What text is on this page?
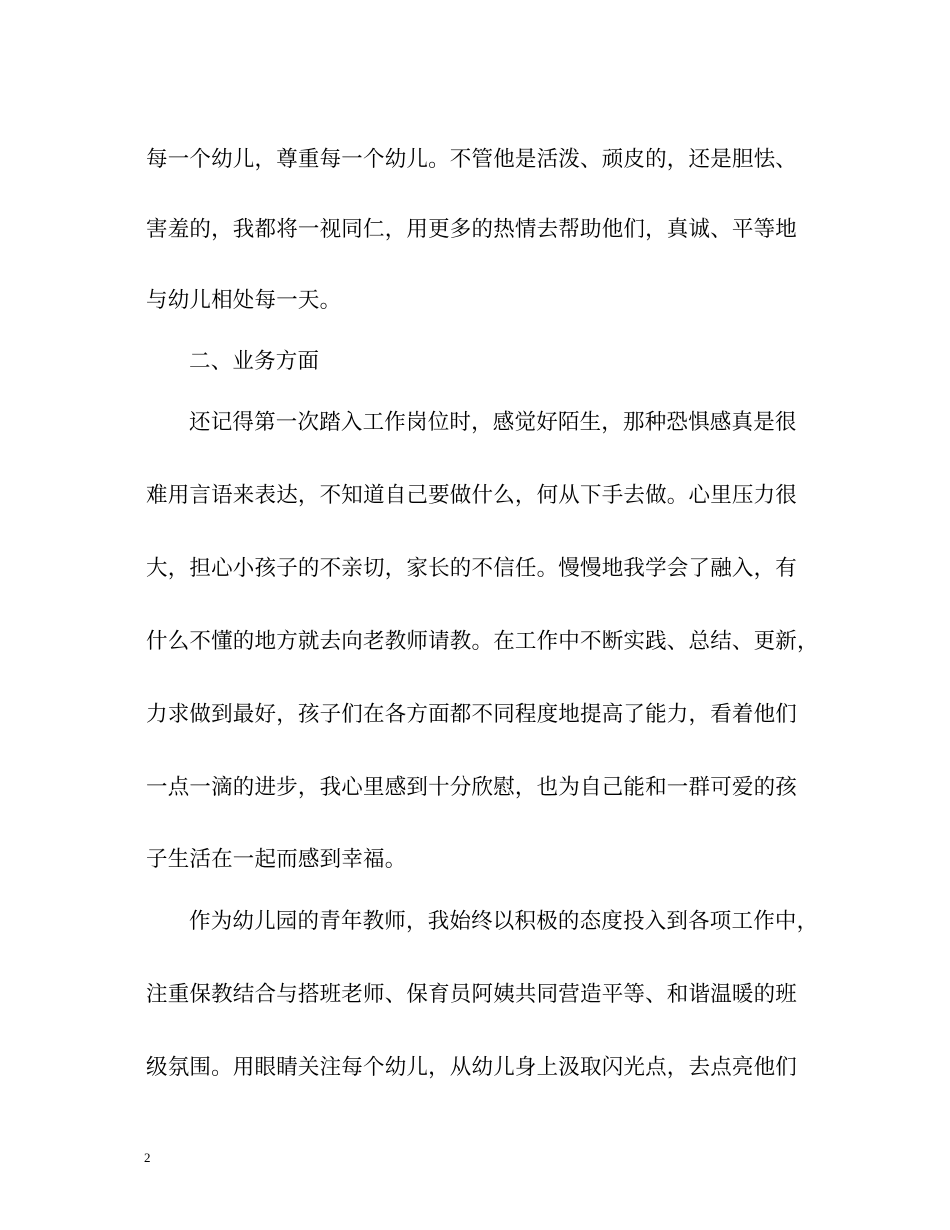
每一个幼儿，尊重每一个幼儿。不管他是活泼、顽皮的，还是胆怯、
害羞的，我都将一视同仁，用更多的热情去帮助他们，真诚、平等地
与幼儿相处每一天。
二、业务方面
还记得第一次踏入工作岗位时，感觉好陌生，那种恐惧感真是很
难用言语来表达，不知道自己要做什么，何从下手去做。心里压力很
大，担心小孩子的不亲切，家长的不信任。慢慢地我学会了融入，有
什么不懂的地方就去向老教师请教。在工作中不断实践、总结、更新，
力求做到最好，孩子们在各方面都不同程度地提高了能力，看着他们
一点一滴的进步，我心里感到十分欣慰，也为自己能和一群可爱的孩
子生活在一起而感到幸福。
作为幼儿园的青年教师，我始终以积极的态度投入到各项工作中，
注重保教结合与搭班老师、保育员阿姨共同营造平等、和谐温暖的班
级氛围。用眼睛关注每个幼儿，从幼儿身上汲取闪光点，去点亮他们
2
